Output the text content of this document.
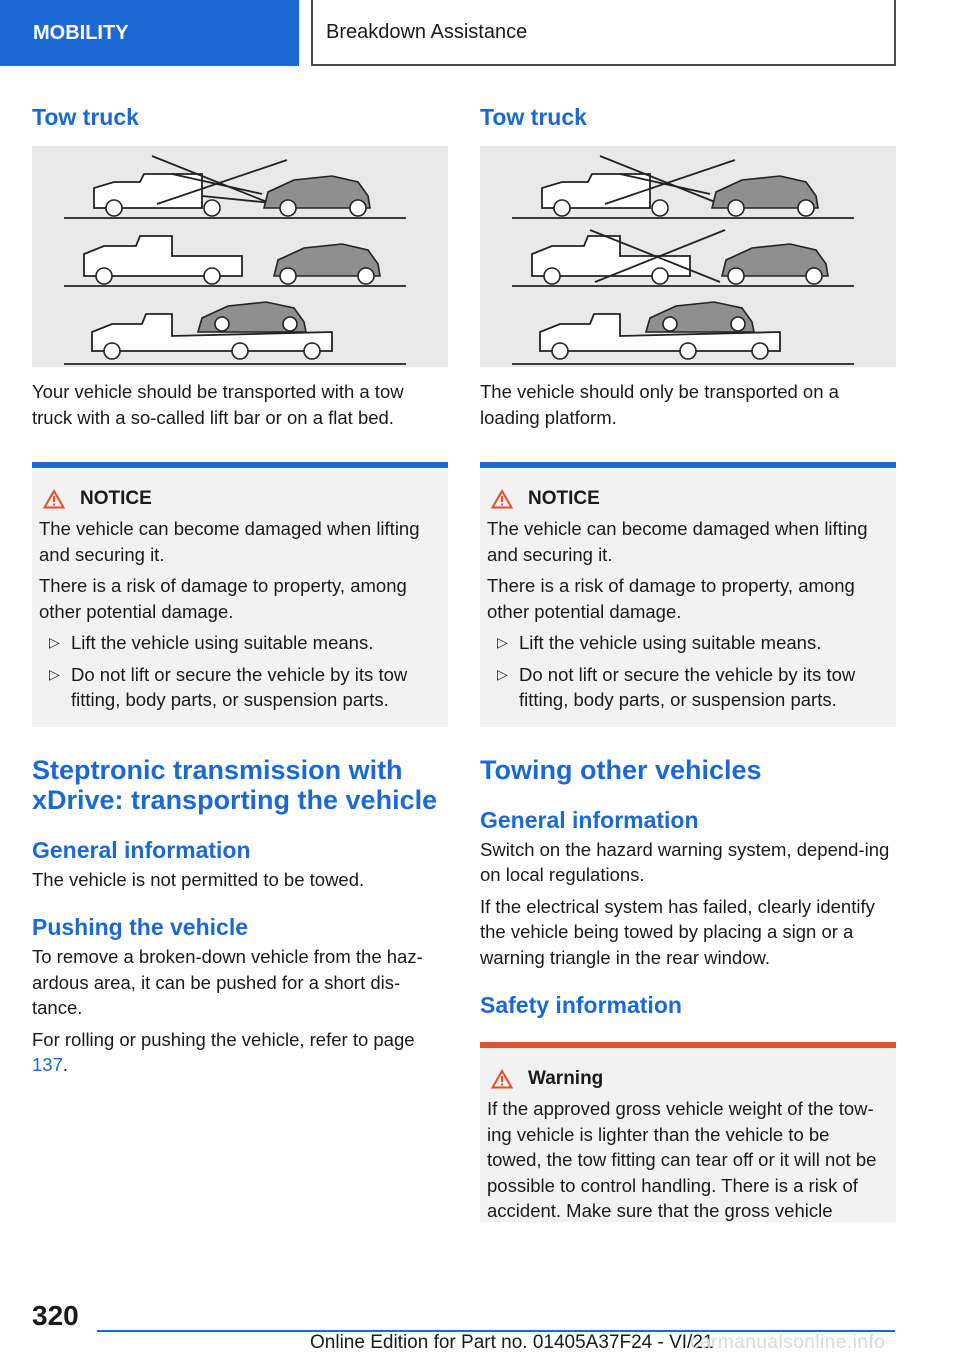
MOBILITY	Breakdown Assistance
Tow truck

Your vehicle should be transported with a tow truck with a so-called lift bar or on a flat bed.

NOTICE

The vehicle can become damaged when lifting and securing it.

There is a risk of damage to property, among other potential damage.

▷ Lift the vehicle using suitable means.
▷ Do not lift or secure the vehicle by its tow fitting, body parts, or suspension parts.
Steptronic transmission with xDrive: transporting the vehicle
General information

The vehicle is not permitted to be towed.

Pushing the vehicle

To remove a broken-down vehicle from the haz-ardous area, it can be pushed for a short dis-tance.

For rolling or pushing the vehicle, refer to page 137.

Tow truck

The vehicle should only be transported on a loading platform.

NOTICE

The vehicle can become damaged when lifting and securing it.

There is a risk of damage to property, among other potential damage.

▷ Lift the vehicle using suitable means.
▷ Do not lift or secure the vehicle by its tow fitting, body parts, or suspension parts.
Towing other vehicles
General information

Switch on the hazard warning system, depend-ing on local regulations.

If the electrical system has failed, clearly identify the vehicle being towed by placing a sign or a warning triangle in the rear window.

Safety information
Warning

If the approved gross vehicle weight of the tow-ing vehicle is lighter than the vehicle to be towed, the tow fitting can tear off or it will not be possible to control handling. There is a risk of accident. Make sure that the gross vehicle

320
Online Edition for Part no. 01405A37F24 - VI/21
carmanualsonline.info
